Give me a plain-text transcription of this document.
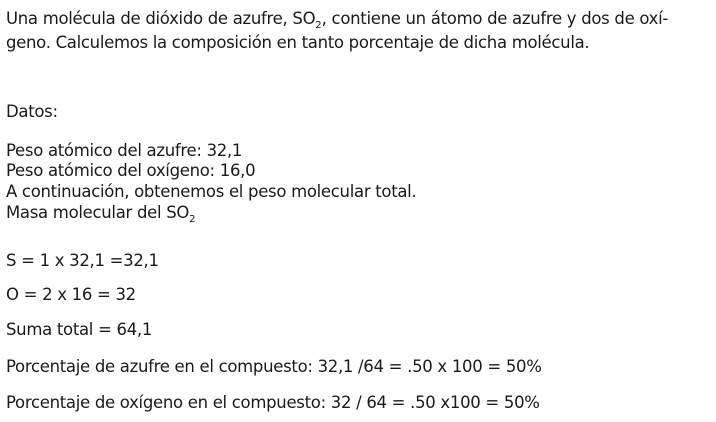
Una molécula de dióxido de azufre, $SO_2$, contiene un átomo de azufre y dos de oxí-
geno. Calculemos la composición en tanto porcentaje de dicha molécula.
Datos:
Peso atómico del azufre: 32,1
Peso atómico del oxígeno: 16,0
A continuación, obtenemos el peso molecular total.
Masa molecular del $SO_2$
S = 1 x 32,1 =32,1
O = 2 x 16 = 32
Suma total = 64,1
Porcentaje de azufre en el compuesto: 32,1 /64 = .50 x 100 = 50%
Porcentaje de oxígeno en el compuesto: 32 / 64 = .50 x100 = 50%
